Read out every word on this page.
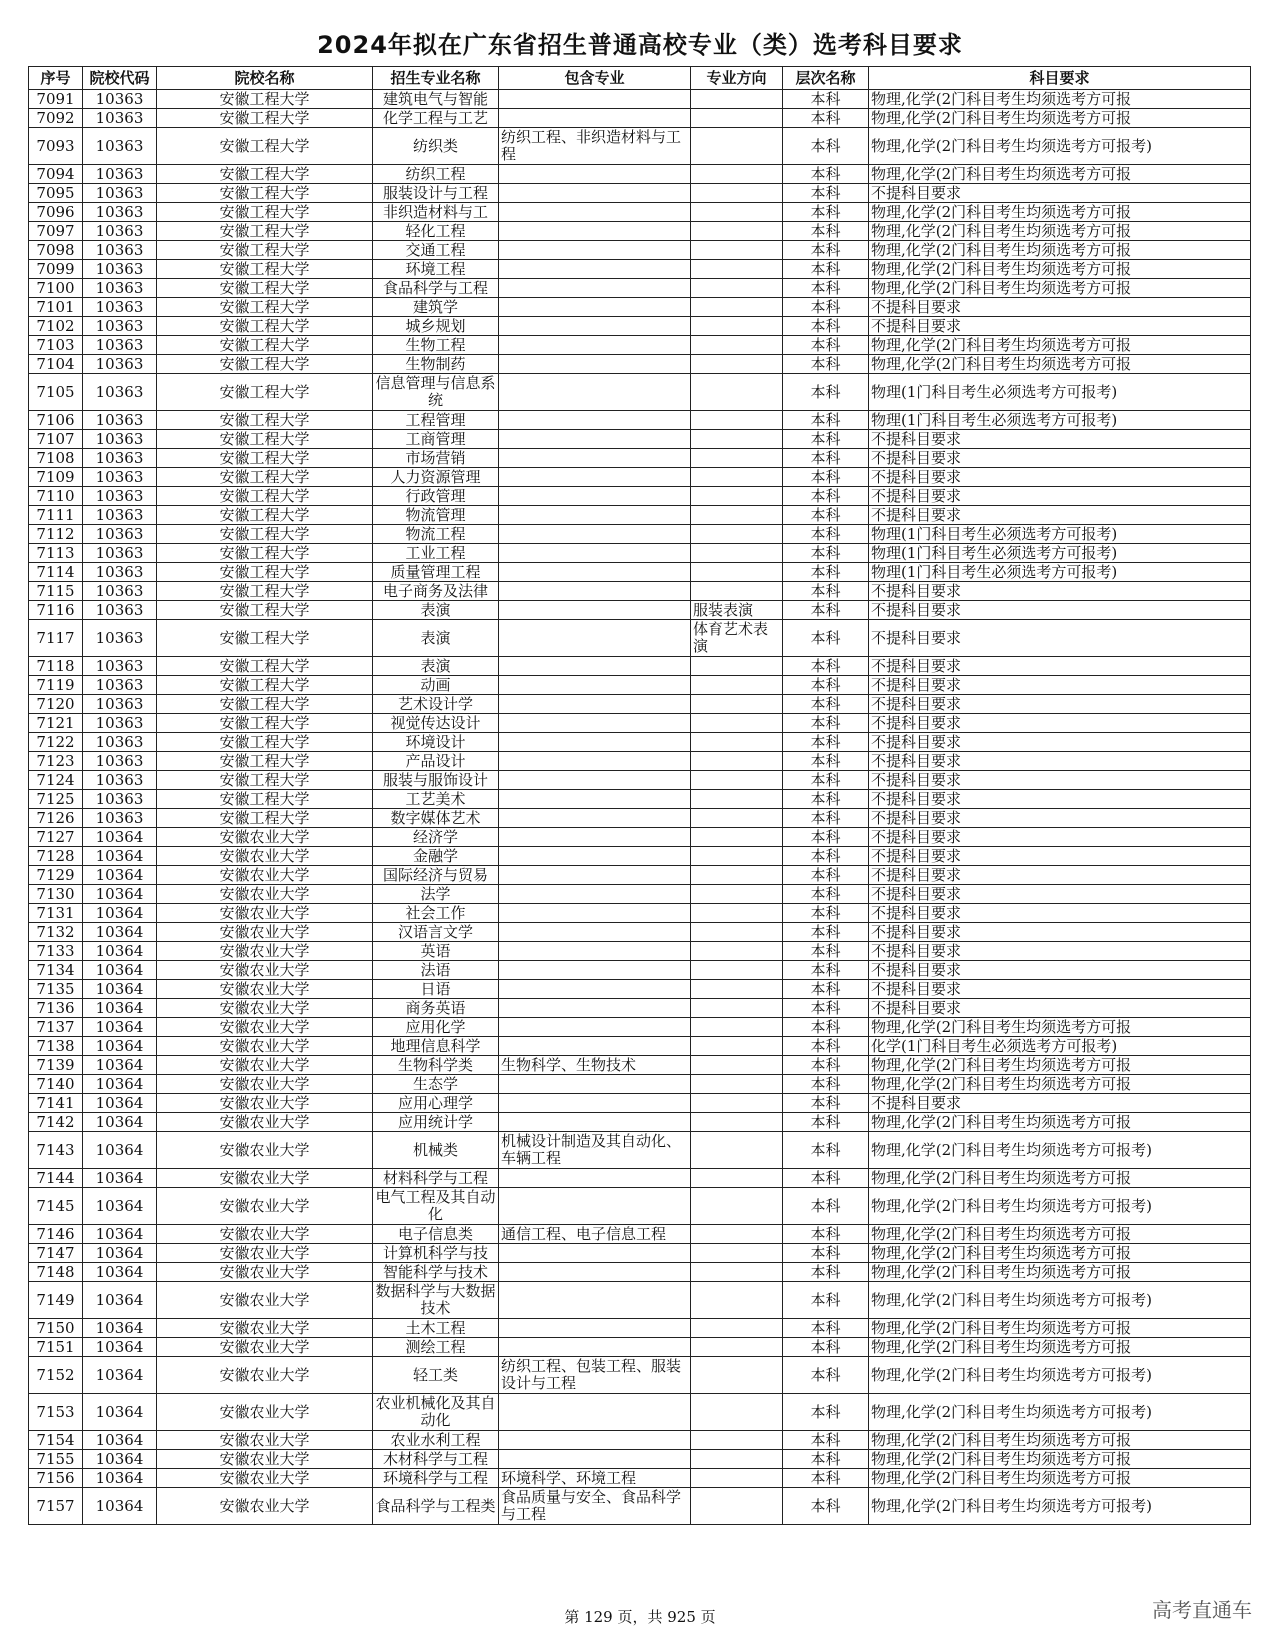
2024年拟在广东省招生普通高校专业（类）选考科目要求
序号	院校代码	院校名称	招生专业名称	包含专业	专业方向	层次名称	科目要求
7091	10363	安徽工程大学	建筑电气与智能			本科	物理,化学(2门科目考生均须选考方可报
7092	10363	安徽工程大学	化学工程与工艺			本科	物理,化学(2门科目考生均须选考方可报
7093	10363	安徽工程大学	纺织类	纺织工程、非织造材料与工程		本科	物理,化学(2门科目考生均须选考方可报考)
7094	10363	安徽工程大学	纺织工程			本科	物理,化学(2门科目考生均须选考方可报
7095	10363	安徽工程大学	服装设计与工程			本科	不提科目要求
7096	10363	安徽工程大学	非织造材料与工			本科	物理,化学(2门科目考生均须选考方可报
7097	10363	安徽工程大学	轻化工程			本科	物理,化学(2门科目考生均须选考方可报
7098	10363	安徽工程大学	交通工程			本科	物理,化学(2门科目考生均须选考方可报
7099	10363	安徽工程大学	环境工程			本科	物理,化学(2门科目考生均须选考方可报
7100	10363	安徽工程大学	食品科学与工程			本科	物理,化学(2门科目考生均须选考方可报
7101	10363	安徽工程大学	建筑学			本科	不提科目要求
7102	10363	安徽工程大学	城乡规划			本科	不提科目要求
7103	10363	安徽工程大学	生物工程			本科	物理,化学(2门科目考生均须选考方可报
7104	10363	安徽工程大学	生物制药			本科	物理,化学(2门科目考生均须选考方可报
7105	10363	安徽工程大学	信息管理与信息系统			本科	物理(1门科目考生必须选考方可报考)
7106	10363	安徽工程大学	工程管理			本科	物理(1门科目考生必须选考方可报考)
7107	10363	安徽工程大学	工商管理			本科	不提科目要求
7108	10363	安徽工程大学	市场营销			本科	不提科目要求
7109	10363	安徽工程大学	人力资源管理			本科	不提科目要求
7110	10363	安徽工程大学	行政管理			本科	不提科目要求
7111	10363	安徽工程大学	物流管理			本科	不提科目要求
7112	10363	安徽工程大学	物流工程			本科	物理(1门科目考生必须选考方可报考)
7113	10363	安徽工程大学	工业工程			本科	物理(1门科目考生必须选考方可报考)
7114	10363	安徽工程大学	质量管理工程			本科	物理(1门科目考生必须选考方可报考)
7115	10363	安徽工程大学	电子商务及法律			本科	不提科目要求
7116	10363	安徽工程大学	表演		服装表演	本科	不提科目要求
7117	10363	安徽工程大学	表演		体育艺术表演	本科	不提科目要求
7118	10363	安徽工程大学	表演			本科	不提科目要求
7119	10363	安徽工程大学	动画			本科	不提科目要求
7120	10363	安徽工程大学	艺术设计学			本科	不提科目要求
7121	10363	安徽工程大学	视觉传达设计			本科	不提科目要求
7122	10363	安徽工程大学	环境设计			本科	不提科目要求
7123	10363	安徽工程大学	产品设计			本科	不提科目要求
7124	10363	安徽工程大学	服装与服饰设计			本科	不提科目要求
7125	10363	安徽工程大学	工艺美术			本科	不提科目要求
7126	10363	安徽工程大学	数字媒体艺术			本科	不提科目要求
7127	10364	安徽农业大学	经济学			本科	不提科目要求
7128	10364	安徽农业大学	金融学			本科	不提科目要求
7129	10364	安徽农业大学	国际经济与贸易			本科	不提科目要求
7130	10364	安徽农业大学	法学			本科	不提科目要求
7131	10364	安徽农业大学	社会工作			本科	不提科目要求
7132	10364	安徽农业大学	汉语言文学			本科	不提科目要求
7133	10364	安徽农业大学	英语			本科	不提科目要求
7134	10364	安徽农业大学	法语			本科	不提科目要求
7135	10364	安徽农业大学	日语			本科	不提科目要求
7136	10364	安徽农业大学	商务英语			本科	不提科目要求
7137	10364	安徽农业大学	应用化学			本科	物理,化学(2门科目考生均须选考方可报
7138	10364	安徽农业大学	地理信息科学			本科	化学(1门科目考生必须选考方可报考)
7139	10364	安徽农业大学	生物科学类	生物科学、生物技术		本科	物理,化学(2门科目考生均须选考方可报
7140	10364	安徽农业大学	生态学			本科	物理,化学(2门科目考生均须选考方可报
7141	10364	安徽农业大学	应用心理学			本科	不提科目要求
7142	10364	安徽农业大学	应用统计学			本科	物理,化学(2门科目考生均须选考方可报
7143	10364	安徽农业大学	机械类	机械设计制造及其自动化、车辆工程		本科	物理,化学(2门科目考生均须选考方可报考)
7144	10364	安徽农业大学	材料科学与工程			本科	物理,化学(2门科目考生均须选考方可报
7145	10364	安徽农业大学	电气工程及其自动化			本科	物理,化学(2门科目考生均须选考方可报考)
7146	10364	安徽农业大学	电子信息类	通信工程、电子信息工程		本科	物理,化学(2门科目考生均须选考方可报
7147	10364	安徽农业大学	计算机科学与技			本科	物理,化学(2门科目考生均须选考方可报
7148	10364	安徽农业大学	智能科学与技术			本科	物理,化学(2门科目考生均须选考方可报
7149	10364	安徽农业大学	数据科学与大数据技术			本科	物理,化学(2门科目考生均须选考方可报考)
7150	10364	安徽农业大学	土木工程			本科	物理,化学(2门科目考生均须选考方可报
7151	10364	安徽农业大学	测绘工程			本科	物理,化学(2门科目考生均须选考方可报
7152	10364	安徽农业大学	轻工类	纺织工程、包装工程、服装设计与工程		本科	物理,化学(2门科目考生均须选考方可报考)
7153	10364	安徽农业大学	农业机械化及其自动化			本科	物理,化学(2门科目考生均须选考方可报考)
7154	10364	安徽农业大学	农业水利工程			本科	物理,化学(2门科目考生均须选考方可报
7155	10364	安徽农业大学	木材科学与工程			本科	物理,化学(2门科目考生均须选考方可报
7156	10364	安徽农业大学	环境科学与工程	环境科学、环境工程		本科	物理,化学(2门科目考生均须选考方可报
7157	10364	安徽农业大学	食品科学与工程类	食品质量与安全、食品科学与工程		本科	物理,化学(2门科目考生均须选考方可报考)
第 129 页，共 925 页	高考直通车
